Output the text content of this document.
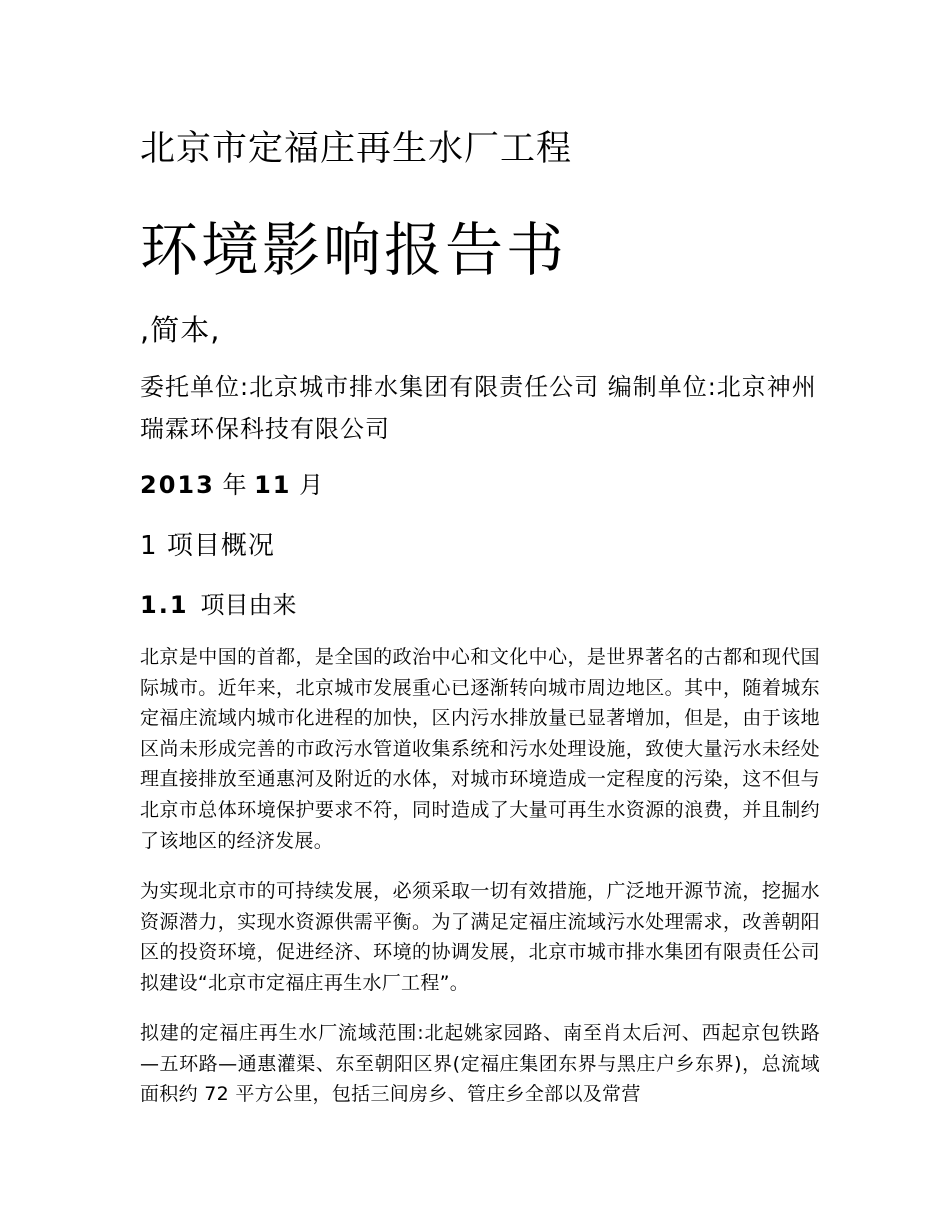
北京市定福庄再生水厂工程
环境影响报告书
,简本,
委托单位:北京城市排水集团有限责任公司 编制单位:北京神州瑞霖环保科技有限公司
2013 年 11 月
1 项目概况
1.1 项目由来

北京是中国的首都，是全国的政治中心和文化中心，是世界著名的古都和现代国际城市。近年来，北京城市发展重心已逐渐转向城市周边地区。其中，随着城东定福庄流域内城市化进程的加快，区内污水排放量已显著增加，但是，由于该地区尚未形成完善的市政污水管道收集系统和污水处理设施，致使大量污水未经处理直接排放至通惠河及附近的水体，对城市环境造成一定程度的污染，这不但与北京市总体环境保护要求不符，同时造成了大量可再生水资源的浪费，并且制约了该地区的经济发展。

为实现北京市的可持续发展，必须采取一切有效措施，广泛地开源节流，挖掘水资源潜力，实现水资源供需平衡。为了满足定福庄流域污水处理需求，改善朝阳区的投资环境，促进经济、环境的协调发展，北京市城市排水集团有限责任公司拟建设“北京市定福庄再生水厂工程”。

拟建的定福庄再生水厂流域范围:北起姚家园路、南至肖太后河、西起京包铁路—五环路—通惠灌渠、东至朝阳区界(定福庄集团东界与黑庄户乡东界)，总流域面积约 72 平方公里，包括三间房乡、管庄乡全部以及常营
